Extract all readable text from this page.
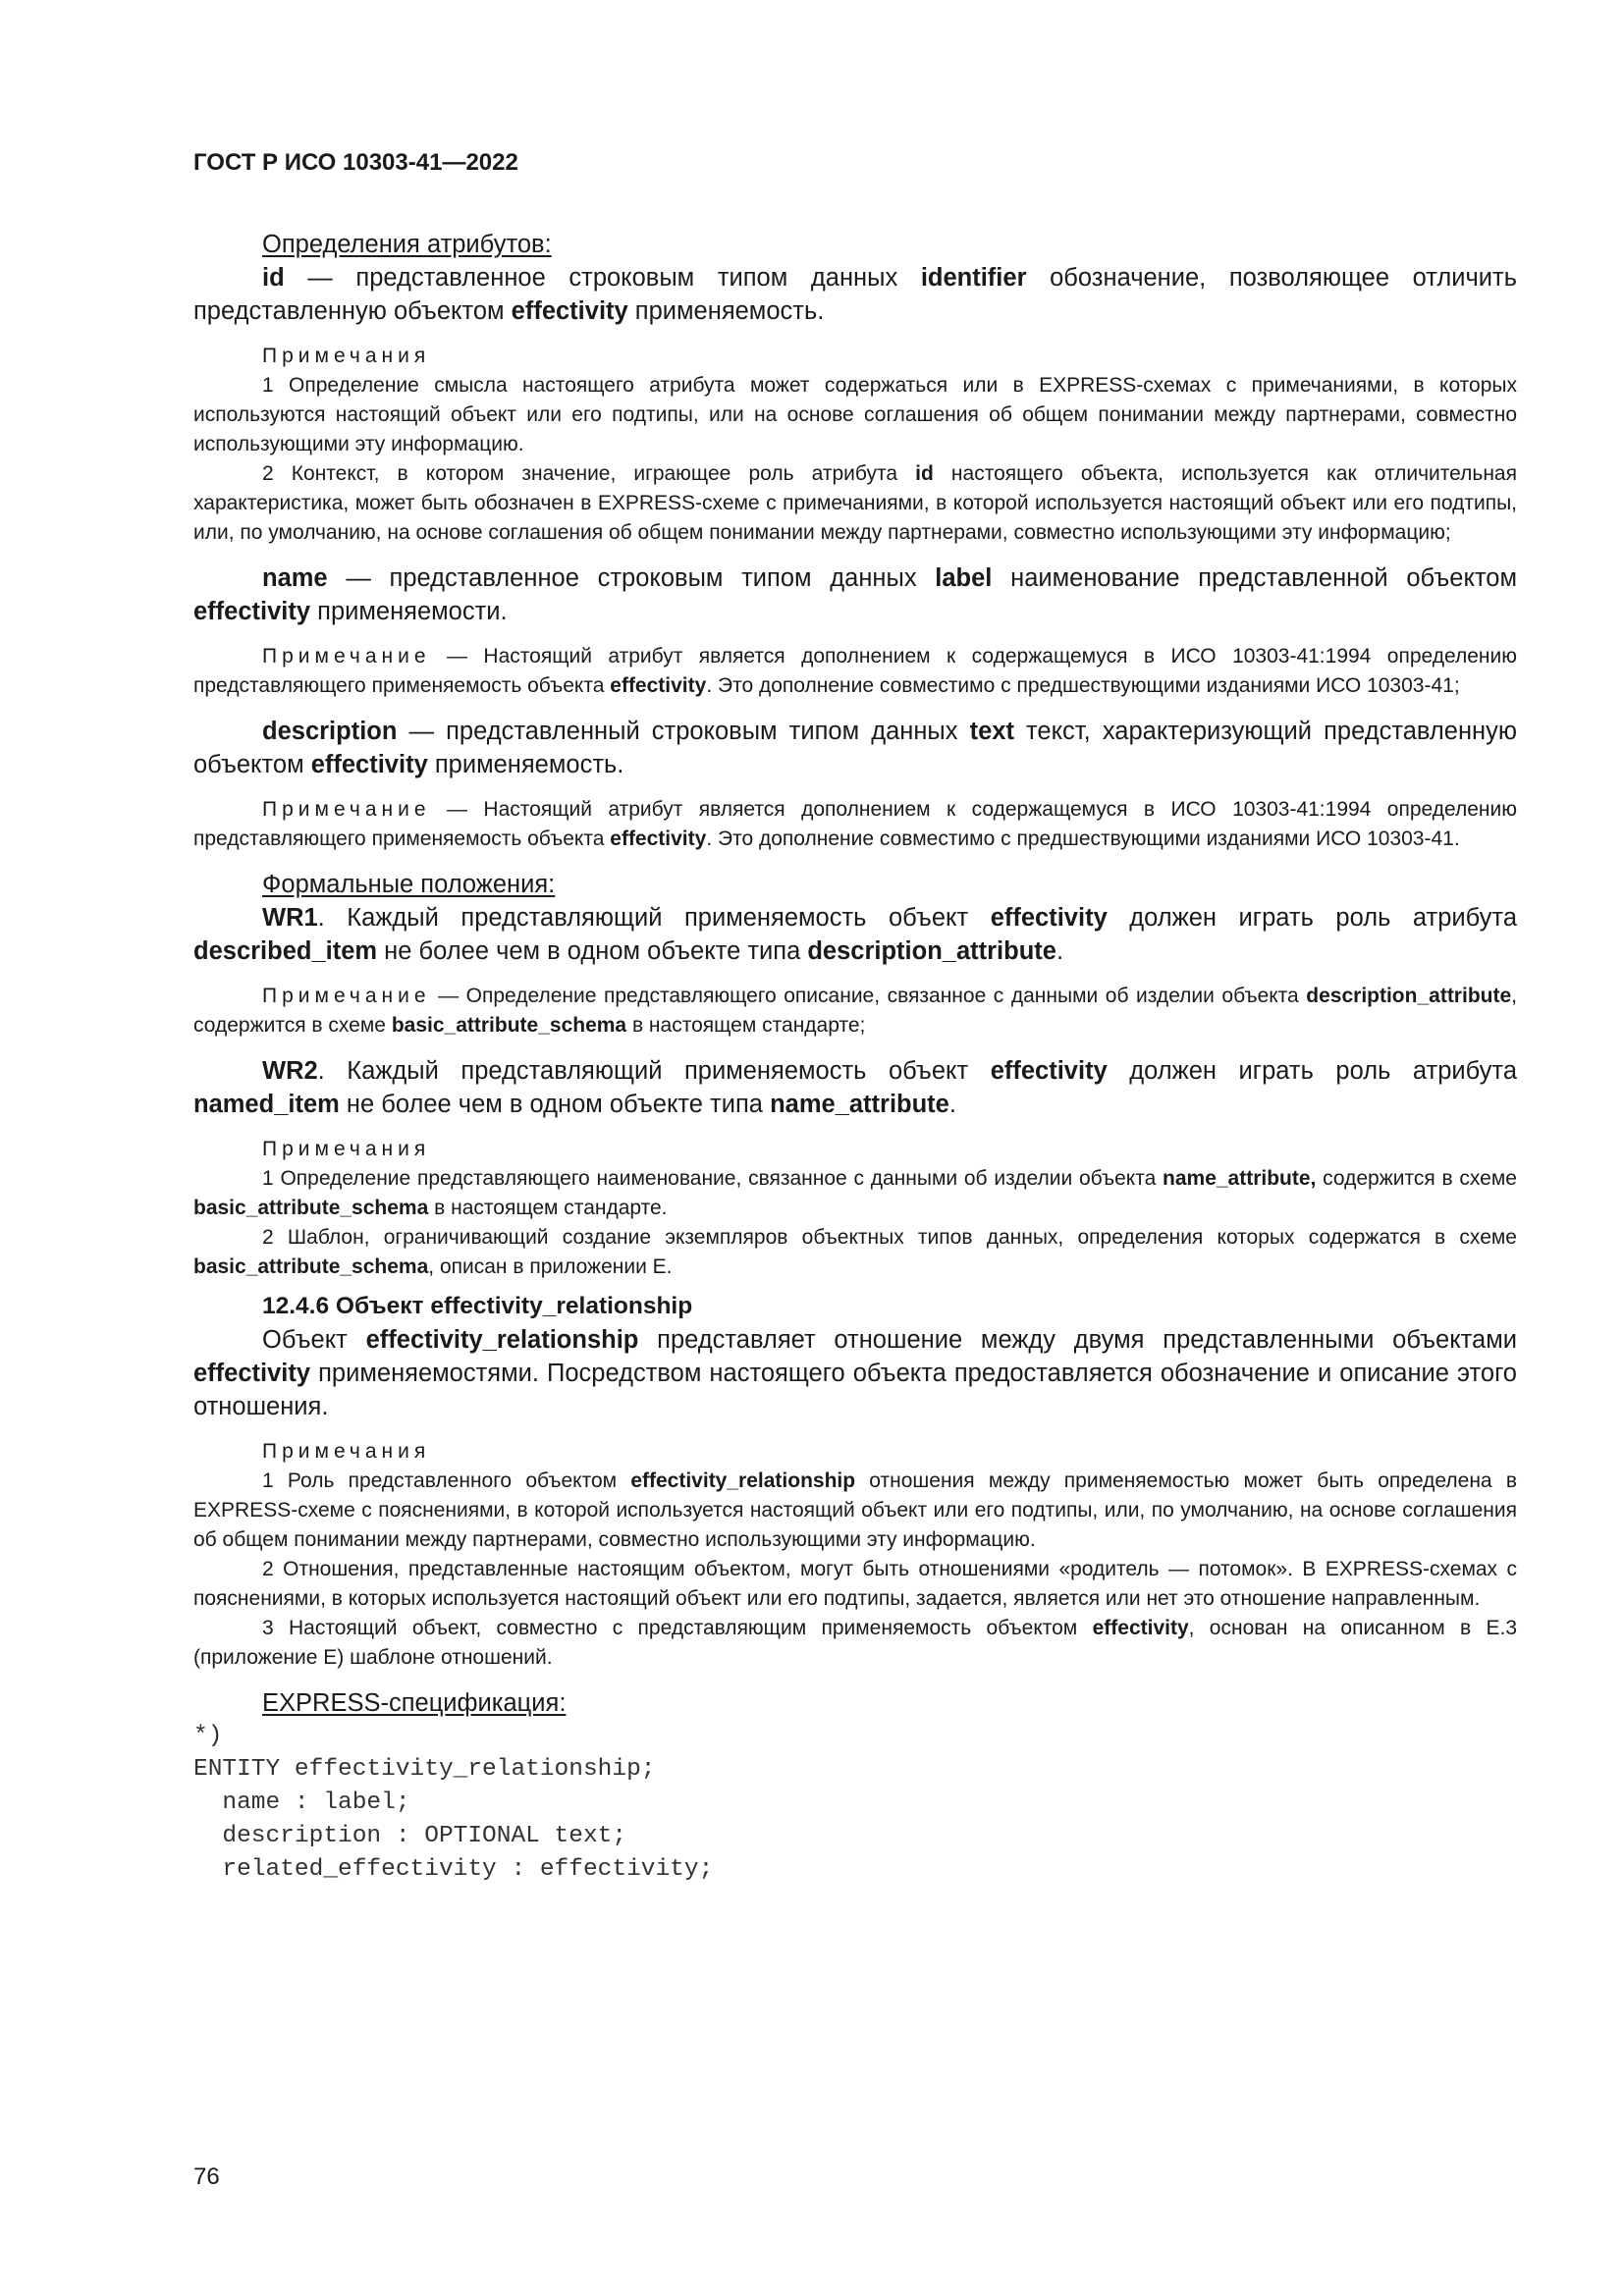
ГОСТ Р ИСО 10303-41—2022

Определения атрибутов:

id — представленное строковым типом данных identifier обозначение, позволяющее отличить представленную объектом effectivity применяемость.

Примечания

1 Определение смысла настоящего атрибута может содержаться или в EXPRESS-схемах с примечаниями, в которых используются настоящий объект или его подтипы, или на основе соглашения об общем понимании между партнерами, совместно использующими эту информацию.

2 Контекст, в котором значение, играющее роль атрибута id настоящего объекта, используется как отличительная характеристика, может быть обозначен в EXPRESS-схеме с примечаниями, в которой используется настоящий объект или его подтипы, или, по умолчанию, на основе соглашения об общем понимании между партнерами, совместно использующими эту информацию;

name — представленное строковым типом данных label наименование представленной объектом effectivity применяемости.

Примечание — Настоящий атрибут является дополнением к содержащемуся в ИСО 10303-41:1994 определению представляющего применяемость объекта effectivity. Это дополнение совместимо с предшествующими изданиями ИСО 10303-41;

description — представленный строковым типом данных text текст, характеризующий представленную объектом effectivity применяемость.

Примечание — Настоящий атрибут является дополнением к содержащемуся в ИСО 10303-41:1994 определению представляющего применяемость объекта effectivity. Это дополнение совместимо с предшествующими изданиями ИСО 10303-41.

Формальные положения:

WR1. Каждый представляющий применяемость объект effectivity должен играть роль атрибута described_item не более чем в одном объекте типа description_attribute.

Примечание — Определение представляющего описание, связанное с данными об изделии объекта description_attribute, содержится в схеме basic_attribute_schema в настоящем стандарте;

WR2. Каждый представляющий применяемость объект effectivity должен играть роль атрибута named_item не более чем в одном объекте типа name_attribute.

Примечания

1 Определение представляющего наименование, связанное с данными об изделии объекта name_attribute, содержится в схеме basic_attribute_schema в настоящем стандарте.

2 Шаблон, ограничивающий создание экземпляров объектных типов данных, определения которых содержатся в схеме basic_attribute_schema, описан в приложении E.

12.4.6 Объект effectivity_relationship

Объект effectivity_relationship представляет отношение между двумя представленными объектами effectivity применяемостями. Посредством настоящего объекта предоставляется обозначение и описание этого отношения.

Примечания

1 Роль представленного объектом effectivity_relationship отношения между применяемостью может быть определена в EXPRESS-схеме с пояснениями, в которой используется настоящий объект или его подтипы, или, по умолчанию, на основе соглашения об общем понимании между партнерами, совместно использующими эту информацию.

2 Отношения, представленные настоящим объектом, могут быть отношениями «родитель — потомок». В EXPRESS-схемах с пояснениями, в которых используется настоящий объект или его подтипы, задается, является или нет это отношение направленным.

3 Настоящий объект, совместно с представляющим применяемость объектом effectivity, основан на описанном в E.3 (приложение E) шаблоне отношений.

EXPRESS-спецификация:

*)

ENTITY effectivity_relationship;

name : label;

description : OPTIONAL text;

related_effectivity : effectivity;

76
